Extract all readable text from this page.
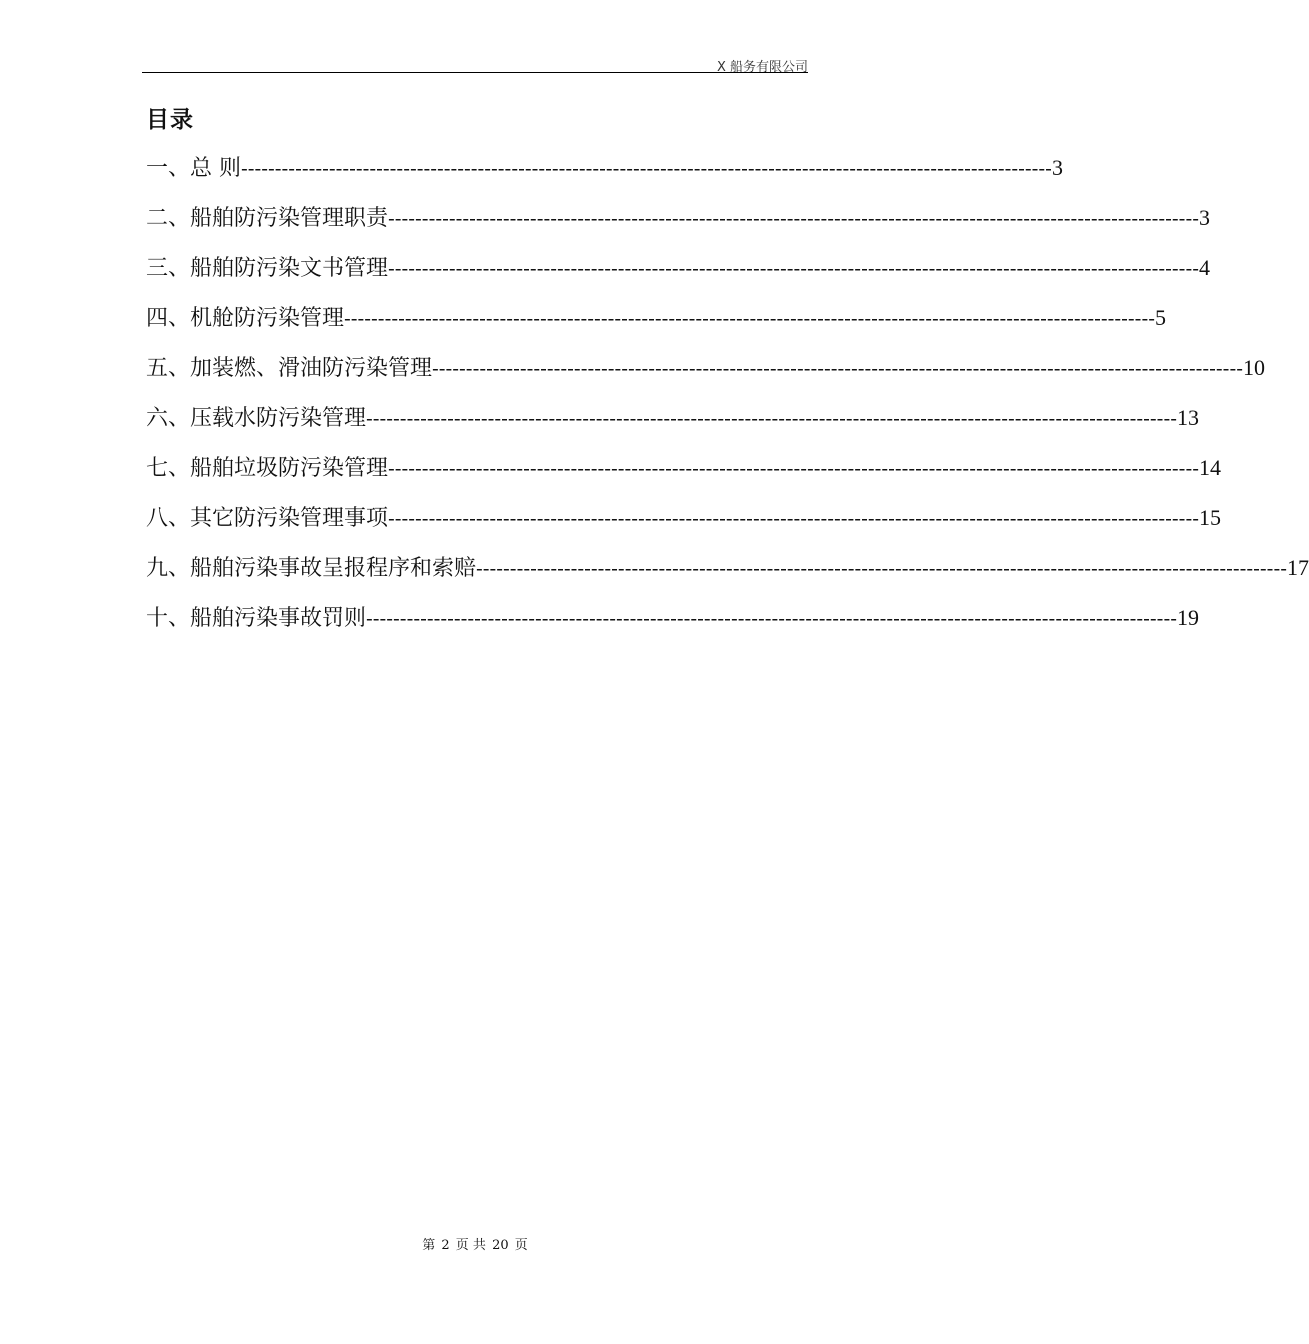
X 船务有限公司
目录
一、总 则 ------------------------------------------------------------------------------------------------------------------------ 3
二、船舶防污染管理职责 ------------------------------------------------------------------------------------------------------------------------ 3
三、船舶防污染文书管理 ------------------------------------------------------------------------------------------------------------------------ 4
四、机舱防污染管理 ------------------------------------------------------------------------------------------------------------------------ 5
五、加装燃、滑油防污染管理 ------------------------------------------------------------------------------------------------------------------------ 10
六、压载水防污染管理 ------------------------------------------------------------------------------------------------------------------------ 13
七、船舶垃圾防污染管理 ------------------------------------------------------------------------------------------------------------------------ 14
八、其它防污染管理事项 ------------------------------------------------------------------------------------------------------------------------ 15
九、船舶污染事故呈报程序和索赔 ------------------------------------------------------------------------------------------------------------------------ 17
十、船舶污染事故罚则 ------------------------------------------------------------------------------------------------------------------------ 19
第 2 页 共 20 页
